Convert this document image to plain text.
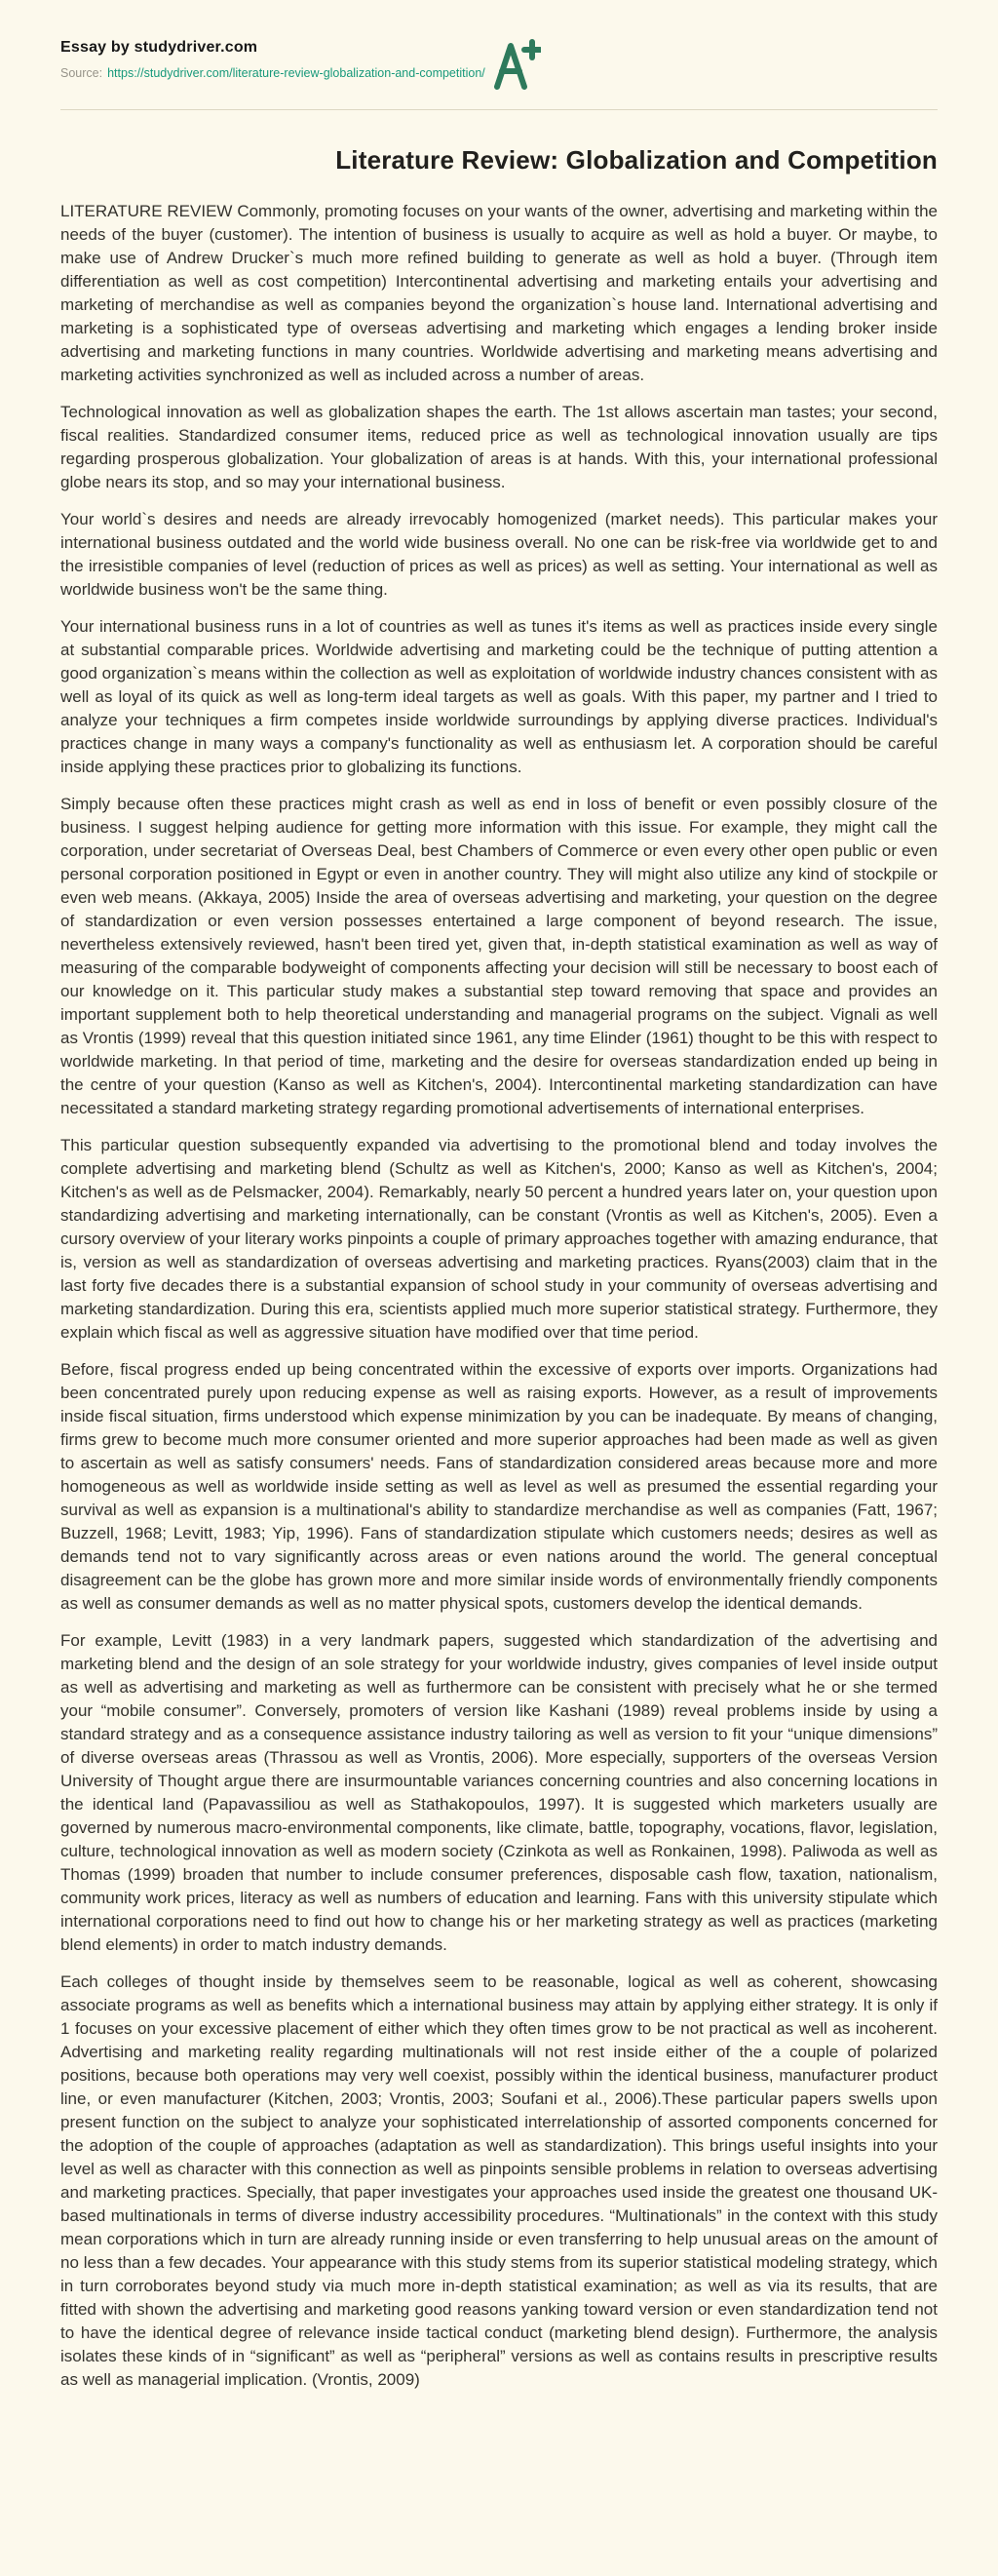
Essay by studydriver.com
Source: https://studydriver.com/literature-review-globalization-and-competition/
Literature Review: Globalization and Competition

LITERATURE REVIEW Commonly, promoting focuses on your wants of the owner, advertising and marketing within the needs of the buyer (customer). The intention of business is usually to acquire as well as hold a buyer. Or maybe, to make use of Andrew Drucker`s much more refined building to generate as well as hold a buyer. (Through item differentiation as well as cost competition) Intercontinental advertising and marketing entails your advertising and marketing of merchandise as well as companies beyond the organization`s house land. International advertising and marketing is a sophisticated type of overseas advertising and marketing which engages a lending broker inside advertising and marketing functions in many countries. Worldwide advertising and marketing means advertising and marketing activities synchronized as well as included across a number of areas.

Technological innovation as well as globalization shapes the earth. The 1st allows ascertain man tastes; your second, fiscal realities. Standardized consumer items, reduced price as well as technological innovation usually are tips regarding prosperous globalization. Your globalization of areas is at hands. With this, your international professional globe nears its stop, and so may your international business.

Your world`s desires and needs are already irrevocably homogenized (market needs). This particular makes your international business outdated and the world wide business overall. No one can be risk-free via worldwide get to and the irresistible companies of level (reduction of prices as well as prices) as well as setting. Your international as well as worldwide business won't be the same thing.

Your international business runs in a lot of countries as well as tunes it's items as well as practices inside every single at substantial comparable prices. Worldwide advertising and marketing could be the technique of putting attention a good organization`s means within the collection as well as exploitation of worldwide industry chances consistent with as well as loyal of its quick as well as long-term ideal targets as well as goals. With this paper, my partner and I tried to analyze your techniques a firm competes inside worldwide surroundings by applying diverse practices. Individual's practices change in many ways a company's functionality as well as enthusiasm let. A corporation should be careful inside applying these practices prior to globalizing its functions.

Simply because often these practices might crash as well as end in loss of benefit or even possibly closure of the business. I suggest helping audience for getting more information with this issue. For example, they might call the corporation, under secretariat of Overseas Deal, best Chambers of Commerce or even every other open public or even personal corporation positioned in Egypt or even in another country. They will might also utilize any kind of stockpile or even web means. (Akkaya, 2005) Inside the area of overseas advertising and marketing, your question on the degree of standardization or even version possesses entertained a large component of beyond research. The issue, nevertheless extensively reviewed, hasn't been tired yet, given that, in-depth statistical examination as well as way of measuring of the comparable bodyweight of components affecting your decision will still be necessary to boost each of our knowledge on it. This particular study makes a substantial step toward removing that space and provides an important supplement both to help theoretical understanding and managerial programs on the subject. Vignali as well as Vrontis (1999) reveal that this question initiated since 1961, any time Elinder (1961) thought to be this with respect to worldwide marketing. In that period of time, marketing and the desire for overseas standardization ended up being in the centre of your question (Kanso as well as Kitchen's, 2004). Intercontinental marketing standardization can have necessitated a standard marketing strategy regarding promotional advertisements of international enterprises.

This particular question subsequently expanded via advertising to the promotional blend and today involves the complete advertising and marketing blend (Schultz as well as Kitchen's, 2000; Kanso as well as Kitchen's, 2004; Kitchen's as well as de Pelsmacker, 2004). Remarkably, nearly 50 percent a hundred years later on, your question upon standardizing advertising and marketing internationally, can be constant (Vrontis as well as Kitchen's, 2005). Even a cursory overview of your literary works pinpoints a couple of primary approaches together with amazing endurance, that is, version as well as standardization of overseas advertising and marketing practices. Ryans(2003) claim that in the last forty five decades there is a substantial expansion of school study in your community of overseas advertising and marketing standardization. During this era, scientists applied much more superior statistical strategy. Furthermore, they explain which fiscal as well as aggressive situation have modified over that time period.

Before, fiscal progress ended up being concentrated within the excessive of exports over imports. Organizations had been concentrated purely upon reducing expense as well as raising exports. However, as a result of improvements inside fiscal situation, firms understood which expense minimization by you can be inadequate. By means of changing, firms grew to become much more consumer oriented and more superior approaches had been made as well as given to ascertain as well as satisfy consumers' needs. Fans of standardization considered areas because more and more homogeneous as well as worldwide inside setting as well as level as well as presumed the essential regarding your survival as well as expansion is a multinational's ability to standardize merchandise as well as companies (Fatt, 1967; Buzzell, 1968; Levitt, 1983; Yip, 1996). Fans of standardization stipulate which customers needs; desires as well as demands tend not to vary significantly across areas or even nations around the world. The general conceptual disagreement can be the globe has grown more and more similar inside words of environmentally friendly components as well as consumer demands as well as no matter physical spots, customers develop the identical demands.

For example, Levitt (1983) in a very landmark papers, suggested which standardization of the advertising and marketing blend and the design of an sole strategy for your worldwide industry, gives companies of level inside output as well as advertising and marketing as well as furthermore can be consistent with precisely what he or she termed your “mobile consumer”. Conversely, promoters of version like Kashani (1989) reveal problems inside by using a standard strategy and as a consequence assistance industry tailoring as well as version to fit your “unique dimensions” of diverse overseas areas (Thrassou as well as Vrontis, 2006). More especially, supporters of the overseas Version University of Thought argue there are insurmountable variances concerning countries and also concerning locations in the identical land (Papavassiliou as well as Stathakopoulos, 1997). It is suggested which marketers usually are governed by numerous macro-environmental components, like climate, battle, topography, vocations, flavor, legislation, culture, technological innovation as well as modern society (Czinkota as well as Ronkainen, 1998). Paliwoda as well as Thomas (1999) broaden that number to include consumer preferences, disposable cash flow, taxation, nationalism, community work prices, literacy as well as numbers of education and learning. Fans with this university stipulate which international corporations need to find out how to change his or her marketing strategy as well as practices (marketing blend elements) in order to match industry demands.

Each colleges of thought inside by themselves seem to be reasonable, logical as well as coherent, showcasing associate programs as well as benefits which a international business may attain by applying either strategy. It is only if 1 focuses on your excessive placement of either which they often times grow to be not practical as well as incoherent. Advertising and marketing reality regarding multinationals will not rest inside either of the a couple of polarized positions, because both operations may very well coexist, possibly within the identical business, manufacturer product line, or even manufacturer (Kitchen, 2003; Vrontis, 2003; Soufani et al., 2006).These particular papers swells upon present function on the subject to analyze your sophisticated interrelationship of assorted components concerned for the adoption of the couple of approaches (adaptation as well as standardization). This brings useful insights into your level as well as character with this connection as well as pinpoints sensible problems in relation to overseas advertising and marketing practices. Specially, that paper investigates your approaches used inside the greatest one thousand UK-based multinationals in terms of diverse industry accessibility procedures. “Multinationals” in the context with this study mean corporations which in turn are already running inside or even transferring to help unusual areas on the amount of no less than a few decades. Your appearance with this study stems from its superior statistical modeling strategy, which in turn corroborates beyond study via much more in-depth statistical examination; as well as via its results, that are fitted with shown the advertising and marketing good reasons yanking toward version or even standardization tend not to have the identical degree of relevance inside tactical conduct (marketing blend design). Furthermore, the analysis isolates these kinds of in “significant” as well as “peripheral” versions as well as contains results in prescriptive results as well as managerial implication. (Vrontis, 2009)
